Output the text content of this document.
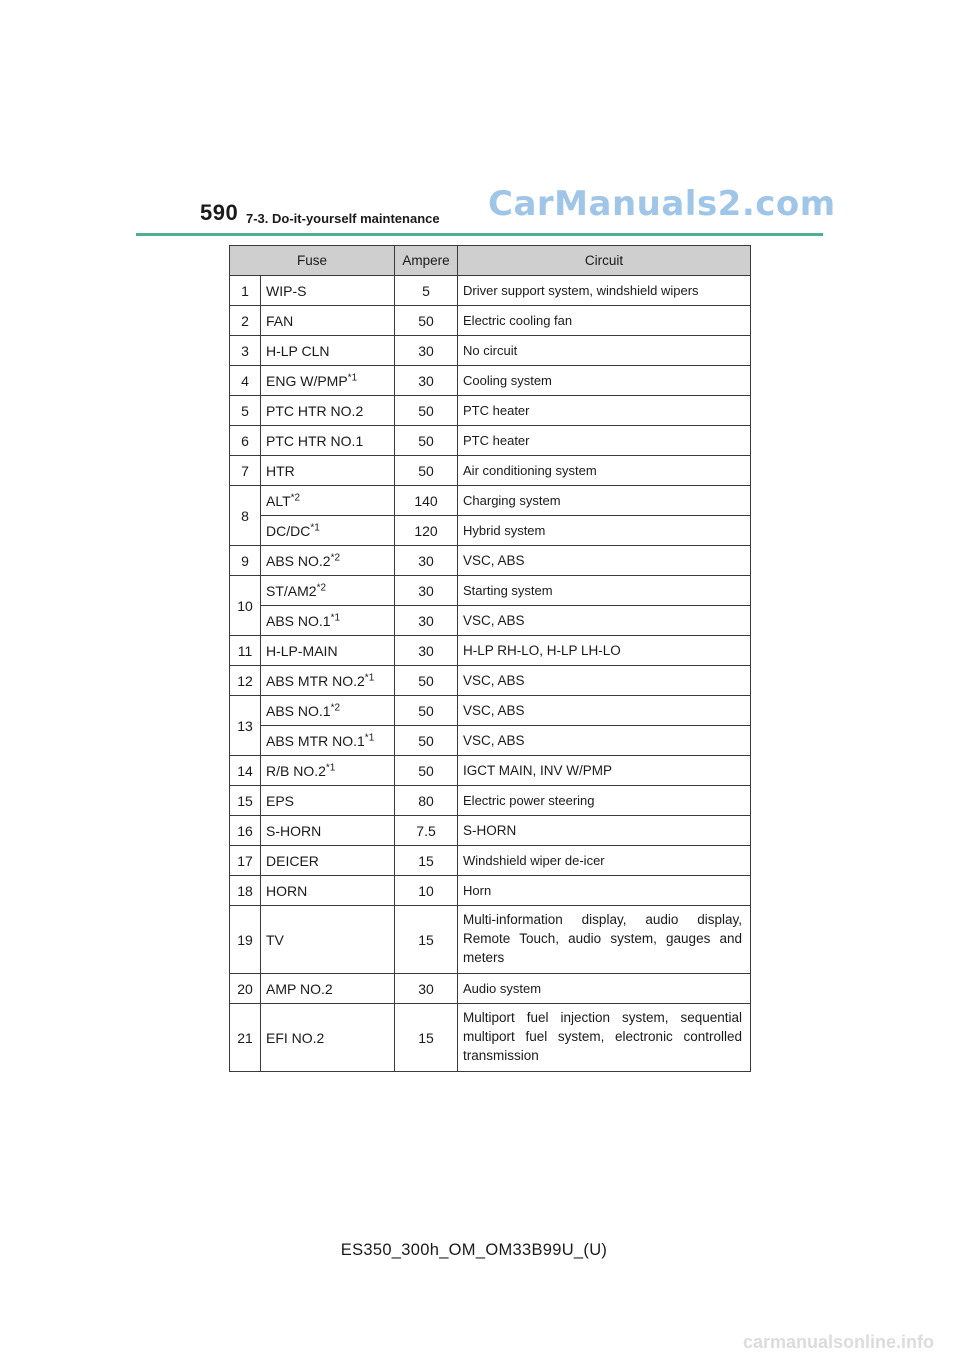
590 7-3. Do-it-yourself maintenance CarManuals2.com
Fuse		Ampere	Circuit
1	WIP-S	5	Driver support system, windshield wipers
2	FAN	50	Electric cooling fan
3	H-LP CLN	30	No circuit
4	ENG W/PMP$^{*1}$	30	Cooling system
5	PTC HTR NO.2	50	PTC heater
6	PTC HTR NO.1	50	PTC heater
7	HTR	50	Air conditioning system
8	ALT$^{*2}$	140	Charging system
	DC/DC$^{*1}$	120	Hybrid system
9	ABS NO.2$^{*2}$	30	VSC, ABS
10	ST/AM2$^{*2}$	30	Starting system
	ABS NO.1$^{*1}$	30	VSC, ABS
11	H-LP-MAIN	30	H-LP RH-LO, H-LP LH-LO
12	ABS MTR NO.2$^{*1}$	50	VSC, ABS
13	ABS NO.1$^{*2}$	50	VSC, ABS
	ABS MTR NO.1$^{*1}$	50	VSC, ABS
14	R/B NO.2$^{*1}$	50	IGCT MAIN, INV W/PMP
15	EPS	80	Electric power steering
16	S-HORN	7.5	S-HORN
17	DEICER	15	Windshield wiper de-icer
18	HORN	10	Horn
19	TV	15	Multi-information display, audio display, Remote Touch, audio system, gauges and meters
20	AMP NO.2	30	Audio system
21	EFI NO.2	15	Multiport fuel injection system, sequential multiport fuel system, electronic controlled transmission
ES350_300h_OM_OM33B99U_(U)
carmanualsonline.info
